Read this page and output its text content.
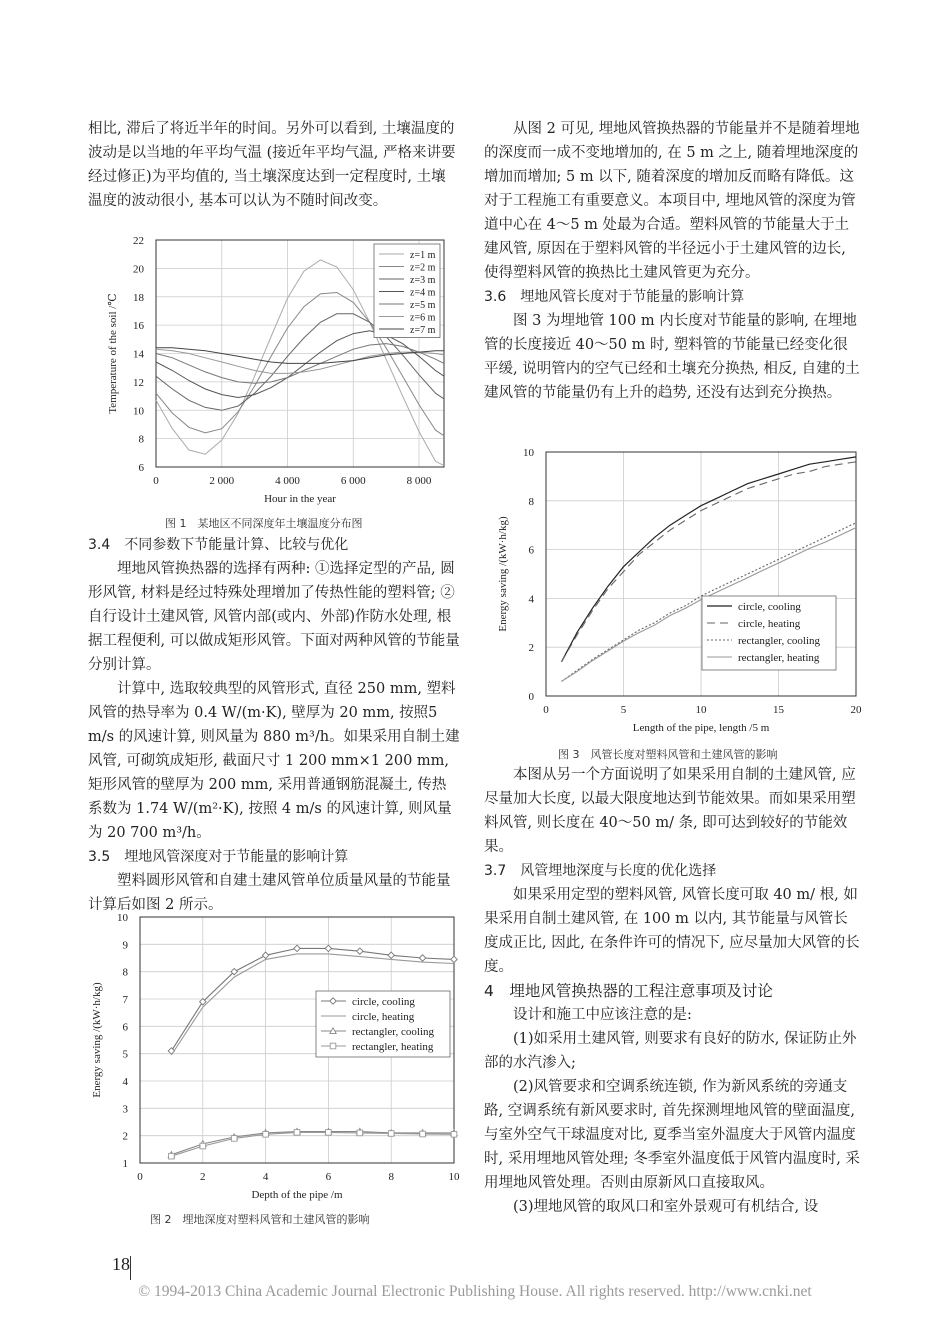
相比, 滞后了将近半年的时间。另外可以看到, 土壤温度的波动是以当地的年平均气温 (接近年平均气温, 严格来讲要经过修正)为平均值的, 当土壤深度达到一定程度时, 土壤温度的波动很小, 基本可以认为不随时间改变。

6
8
10
12
14
16
18
20
22
0	2 000	4 000	6 000	8 000
Hour in the year
Temperature of the soil /℃
z=1 m
z=2 m
z=3 m
z=4 m
z=5 m
z=6 m
z=7 m
图 1　某地区不同深度年土壤温度分布图

3.4　不同参数下节能量计算、比较与优化

埋地风管换热器的选择有两种: ①选择定型的产品, 圆形风管, 材料是经过特殊处理增加了传热性能的塑料管; ②自行设计土建风管, 风管内部(或内、外部)作防水处理, 根据工程便利, 可以做成矩形风管。下面对两种风管的节能量分别计算。

计算中, 选取较典型的风管形式, 直径 250 mm, 塑料风管的热导率为 0.4 W/(m·K), 壁厚为 20 mm, 按照5 m/s 的风速计算, 则风量为 880 m³/h。如果采用自制土建风管, 可砌筑成矩形, 截面尺寸 1 200 mm×1 200 mm, 矩形风管的壁厚为 200 mm, 采用普通钢筋混凝土, 传热系数为 1.74 W/(m²·K), 按照 4 m/s 的风速计算, 则风量为 20 700 m³/h。

3.5　埋地风管深度对于节能量的影响计算

塑料圆形风管和自建土建风管单位质量风量的节能量计算后如图 2 所示。

1
2
3
4
5
6
7
8
9
10
0	2	4	6	8	10
Depth of the pipe /m
Energy saving /(kW·h/kg)	circle, cooling
circle, heating
rectangler, cooling
rectangler, heating
图 2　埋地深度对塑料风管和土建风管的影响

从图 2 可见, 埋地风管换热器的节能量并不是随着埋地的深度而一成不变地增加的, 在 5 m 之上, 随着埋地深度的增加而增加; 5 m 以下, 随着深度的增加反而略有降低。这对于工程施工有重要意义。本项目中, 埋地风管的深度为管道中心在 4～5 m 处最为合适。塑料风管的节能量大于土建风管, 原因在于塑料风管的半径远小于土建风管的边长, 使得塑料风管的换热比土建风管更为充分。

3.6　埋地风管长度对于节能量的影响计算

图 3 为埋地管 100 m 内长度对节能量的影响, 在埋地管的长度接近 40～50 m 时, 塑料管的节能量已经变化很平缓, 说明管内的空气已经和土壤充分换热, 相反, 自建的土建风管的节能量仍有上升的趋势, 还没有达到充分换热。

0
2
4
6
8
10
0	5	10	15	20
Length of the pipe, length /5 m
Energy saving /(kW·h/kg)	circle, cooling
circle, heating
rectangler, cooling
rectangler, heating
图 3　风管长度对塑料风管和土建风管的影响

本图从另一个方面说明了如果采用自制的土建风管, 应尽量加大长度, 以最大限度地达到节能效果。而如果采用塑料风管, 则长度在 40～50 m/ 条, 即可达到较好的节能效果。

3.7　风管埋地深度与长度的优化选择

如果采用定型的塑料风管, 风管长度可取 40 m/ 根, 如果采用自制土建风管, 在 100 m 以内, 其节能量与风管长度成正比, 因此, 在条件许可的情况下, 应尽量加大风管的长度。

4　埋地风管换热器的工程注意事项及讨论

设计和施工中应该注意的是:

(1)如采用土建风管, 则要求有良好的防水, 保证防止外部的水汽渗入;

(2)风管要求和空调系统连锁, 作为新风系统的旁通支路, 空调系统有新风要求时, 首先探测埋地风管的壁面温度, 与室外空气干球温度对比, 夏季当室外温度大于风管内温度时, 采用埋地风管处理; 冬季室外温度低于风管内温度时, 采用埋地风管处理。否则由原新风口直接取风。

(3)埋地风管的取风口和室外景观可有机结合, 设

18
© 1994-2013 China Academic Journal Electronic Publishing House. All rights reserved. http://www.cnki.net
